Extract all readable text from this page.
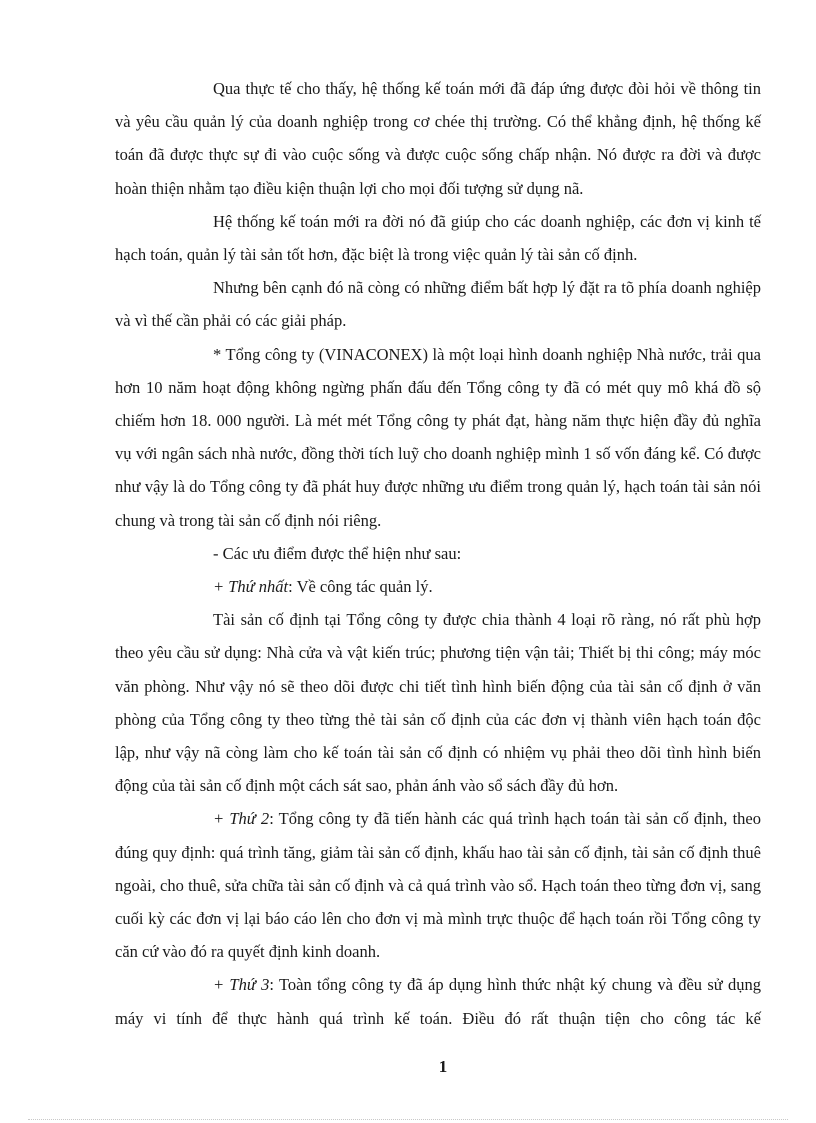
Qua thực tế cho thấy, hệ thống kế toán mới đã đáp ứng được đòi hỏi về thông tin và yêu cầu quản lý của doanh nghiệp trong cơ chée thị trường. Có thể khẳng định, hệ thống kế toán đã được thực sự đi vào cuộc sống và được cuộc sống chấp nhận. Nó được ra đời và được hoàn thiện nhằm tạo điều kiện thuận lợi cho mọi đối tượng sử dụng nã.

Hệ thống kế toán mới ra đời nó đã giúp cho các doanh nghiệp, các đơn vị kinh tế hạch toán, quản lý tài sản tốt hơn, đặc biệt là trong việc quản lý tài sản cố định.

Nhưng bên cạnh đó nã còng có những điểm bất hợp lý đặt ra tõ phía doanh nghiệp và vì thế cần phải có các giải pháp.

* Tổng công ty (VINACONEX) là một loại hình doanh nghiệp Nhà nước, trải qua hơn 10 năm hoạt động không ngừng phấn đấu đến Tổng công ty đã có mét quy mô khá đồ sộ chiếm hơn 18. 000 người. Là mét mét Tổng công ty phát đạt, hàng năm thực hiện đầy đủ nghĩa vụ với ngân sách nhà nước, đồng thời tích luỹ cho doanh nghiệp mình 1 số vốn đáng kể. Có được như vậy là do Tổng công ty đã phát huy được những ưu điểm trong quản lý, hạch toán tài sản nói chung và trong tài sản cố định nói riêng.

- Các ưu điểm được thể hiện như sau:

+ Thứ nhất: Về công tác quản lý.

Tài sản cố định tại Tổng công ty được chia thành 4 loại rõ ràng, nó rất phù hợp theo yêu cầu sử dụng: Nhà cửa và vật kiến trúc; phương tiện vận tải; Thiết bị thi công; máy móc văn phòng. Như vậy nó sẽ theo dõi được chi tiết tình hình biến động của tài sản cố định ở văn phòng của Tổng công ty theo từng thẻ tài sản cố định của các đơn vị thành viên hạch toán độc lập, như vậy nã còng làm cho kế toán tài sản cố định có nhiệm vụ phải theo dõi tình hình biến động của tài sản cố định một cách sát sao, phản ánh vào sổ sách đầy đủ hơn.

+ Thứ 2: Tổng công ty đã tiến hành các quá trình hạch toán tài sản cố định, theo đúng quy định: quá trình tăng, giảm tài sản cố định, khấu hao tài sản cố định, tài sản cố định thuê ngoài, cho thuê, sửa chữa tài sản cố định và cả quá trình vào sổ. Hạch toán theo từng đơn vị, sang cuối kỳ các đơn vị lại báo cáo lên cho đơn vị mà mình trực thuộc để hạch toán rồi Tổng công ty căn cứ vào đó ra quyết định kinh doanh.

+ Thứ 3: Toàn tổng công ty đã áp dụng hình thức nhật ký chung và đều sử dụng máy vi tính để thực hành quá trình kế toán. Điều đó rất thuận tiện cho công tác kế

1
